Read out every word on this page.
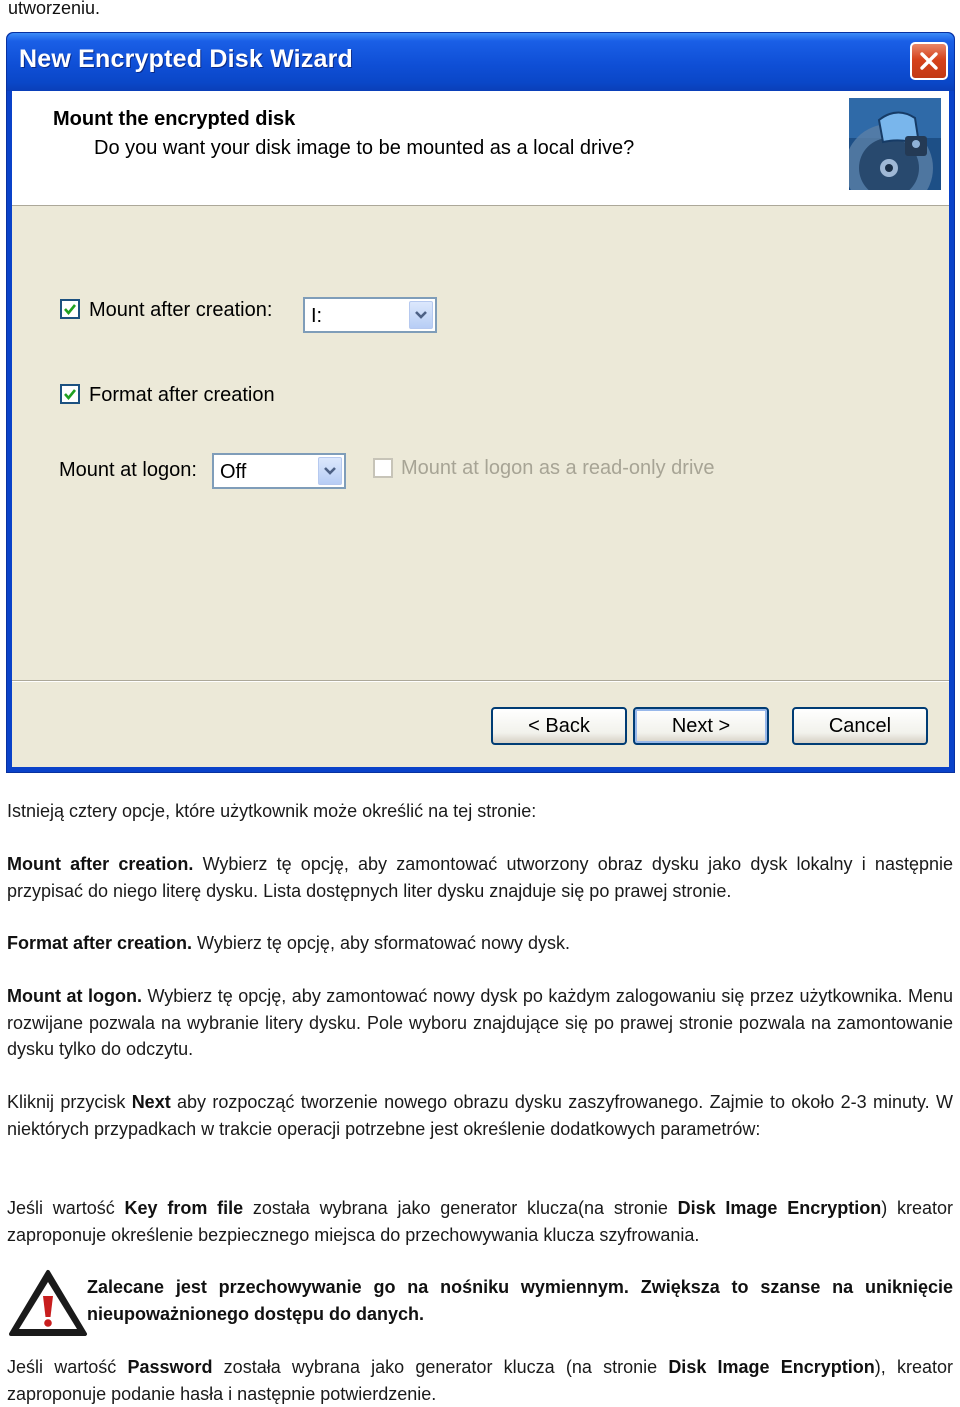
utworzeniu.
New Encrypted Disk Wizard
Mount the encrypted disk
Do you want your disk image to be mounted as a local drive?
Mount after creation: I:
Format after creation
Mount at logon: Off	Mount at logon as a read-only drive
< Back	Next >	Cancel
Istnieją cztery opcje, które użytkownik może określić na tej stronie:
Mount after creation. Wybierz tę opcję, aby zamontować utworzony obraz dysku jako dysk lokalny i następnie przypisać do niego literę dysku. Lista dostępnych liter dysku znajduje się po prawej stronie.
Format after creation. Wybierz tę opcję, aby sformatować nowy dysk.
Mount at logon. Wybierz tę opcję, aby zamontować nowy dysk po każdym zalogowaniu się przez użytkownika. Menu rozwijane pozwala na wybranie litery dysku. Pole wyboru znajdujące się po prawej stronie pozwala na zamontowanie dysku tylko do odczytu.
Kliknij przycisk Next aby rozpocząć tworzenie nowego obrazu dysku zaszyfrowanego. Zajmie to około 2-3 minuty. W niektórych przypadkach w trakcie operacji potrzebne jest określenie dodatkowych parametrów:
Jeśli wartość Key from file została wybrana jako generator klucza(na stronie Disk Image Encryption) kreator zaproponuje określenie bezpiecznego miejsca do przechowywania klucza szyfrowania.
Zalecane jest przechowywanie go na nośniku wymiennym. Zwiększa to szanse na uniknięcie nieupoważnionego dostępu do danych.
Jeśli wartość Password została wybrana jako generator klucza (na stronie Disk Image Encryption), kreator zaproponuje podanie hasła i następnie potwierdzenie.
